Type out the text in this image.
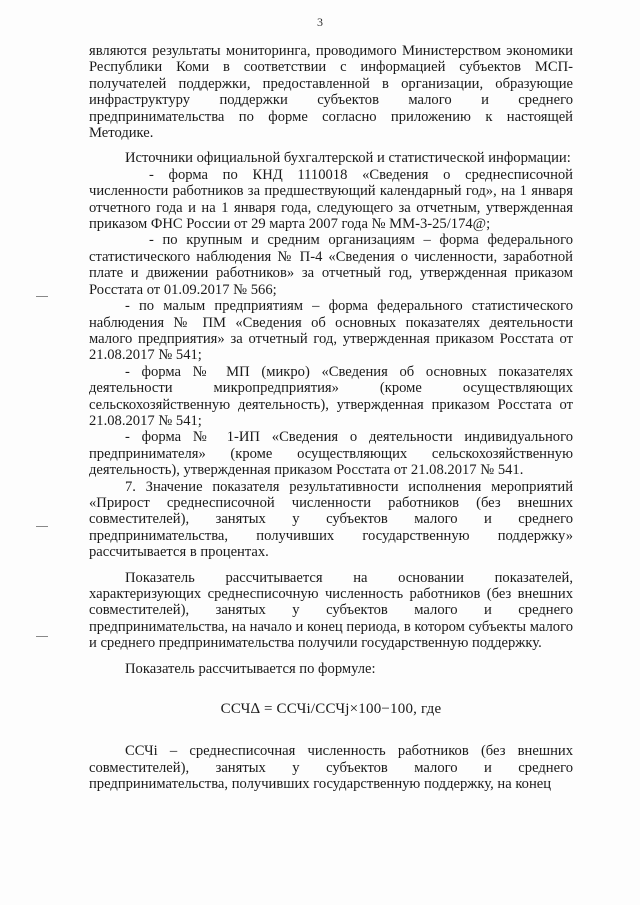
3

являются результаты мониторинга, проводимого Министерством экономики Республики Коми в соответствии с информацией субъектов МСП-получателей поддержки, предоставленной в организации, образующие инфраструктуру поддержки субъектов малого и среднего предпринимательства по форме согласно приложению к настоящей Методике.

Источники официальной бухгалтерской и статистической информации:

- форма по КНД 1110018 «Сведения о среднесписочной численности работников за предшествующий календарный год», на 1 января отчетного года и на 1 января года, следующего за отчетным, утвержденная приказом ФНС России от 29 марта 2007 года № ММ-3-25/174@;

- по крупным и средним организациям – форма федерального статистического наблюдения № П-4 «Сведения о численности, заработной плате и движении работников» за отчетный год, утвержденная приказом Росстата от 01.09.2017 № 566;

- по малым предприятиям – форма федерального статистического наблюдения № ПМ «Сведения об основных показателях деятельности малого предприятия» за отчетный год, утвержденная приказом Росстата от 21.08.2017 № 541;

- форма № МП (микро) «Сведения об основных показателях деятельности микропредприятия» (кроме осуществляющих сельскохозяйственную деятельность), утвержденная приказом Росстата от 21.08.2017 № 541;

- форма № 1-ИП «Сведения о деятельности индивидуального предпринимателя» (кроме осуществляющих сельскохозяйственную деятельность), утвержденная приказом Росстата от 21.08.2017 № 541.

7. Значение показателя результативности исполнения мероприятий «Прирост среднесписочной численности работников (без внешних совместителей), занятых у субъектов малого и среднего предпринимательства, получивших государственную поддержку» рассчитывается в процентах.

Показатель рассчитывается на основании показателей, характеризующих среднесписочную численность работников (без внешних совместителей), занятых у субъектов малого и среднего предпринимательства, на начало и конец периода, в котором субъекты малого и среднего предпринимательства получили государственную поддержку.

Показатель рассчитывается по формуле:

ССЧ∆ = ССЧi/ССЧj×100−100, где

ССЧi – среднесписочная численность работников (без внешних совместителей), занятых у субъектов малого и среднего предпринимательства, получивших государственную поддержку, на конец
